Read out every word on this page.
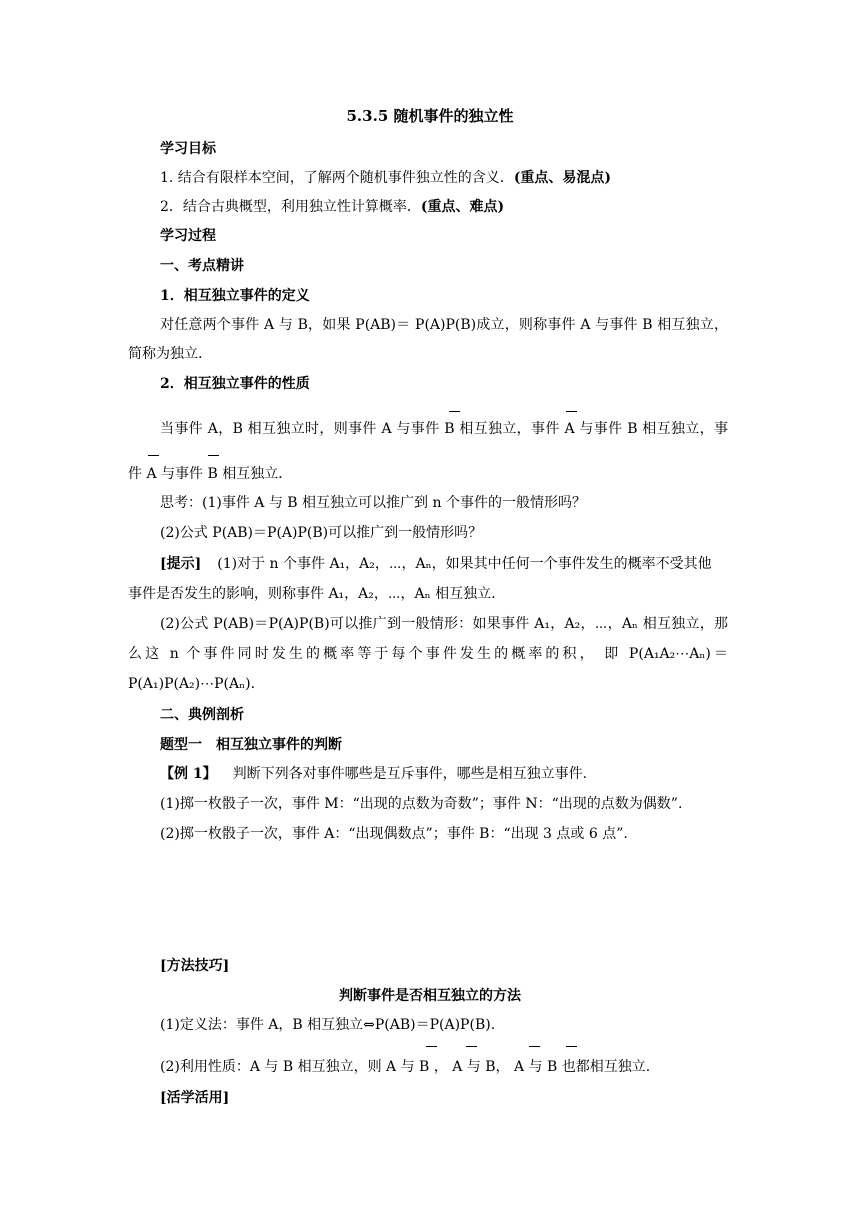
5.3.5 随机事件的独立性
学习目标
1. 结合有限样本空间，了解两个随机事件独立性的含义．(重点、易混点)
2．结合古典概型，利用独立性计算概率．(重点、难点)
学习过程
一、考点精讲
1．相互独立事件的定义
对任意两个事件 A 与 B，如果 P(AB)＝ P(A)P(B)成立，则称事件 A 与事件 B 相互独立，
简称为独立.
2．相互独立事件的性质
当事件 A，B 相互独立时，则事件 A 与事件 B 相互独立，事件 A 与事件 B 相互独立，事
件 A 与事件 B 相互独立．
思考：(1)事件 A 与 B 相互独立可以推广到 n 个事件的一般情形吗？
(2)公式 P(AB)＝P(A)P(B)可以推广到一般情形吗？
[提示] (1)对于 n 个事件 A₁，A₂，⋯，Aₙ，如果其中任何一个事件发生的概率不受其他
事件是否发生的影响，则称事件 A₁，A₂，⋯，Aₙ 相互独立.
(2)公式 P(AB)＝P(A)P(B)可以推广到一般情形：如果事件 A₁，A₂，⋯，Aₙ 相互独立，那
么这 n 个事件同时发生的概率等于每个事件发生的概率的积， 即 P(A₁A₂⋯Aₙ)＝
P(A₁)P(A₂)⋯P(Aₙ).
二、典例剖析
题型一　相互独立事件的判断
【例 1】 判断下列各对事件哪些是互斥事件，哪些是相互独立事件.
(1)掷一枚骰子一次，事件 M：“出现的点数为奇数”；事件 N：“出现的点数为偶数”.
(2)掷一枚骰子一次，事件 A：“出现偶数点”；事件 B：“出现 3 点或 6 点”.
[方法技巧]
判断事件是否相互独立的方法
(1)定义法：事件 A，B 相互独立⇔P(AB)＝P(A)P(B).
(2)利用性质：A 与 B 相互独立，则 A 与 B ， A 与 B， A 与 B 也都相互独立.
[活学活用]
